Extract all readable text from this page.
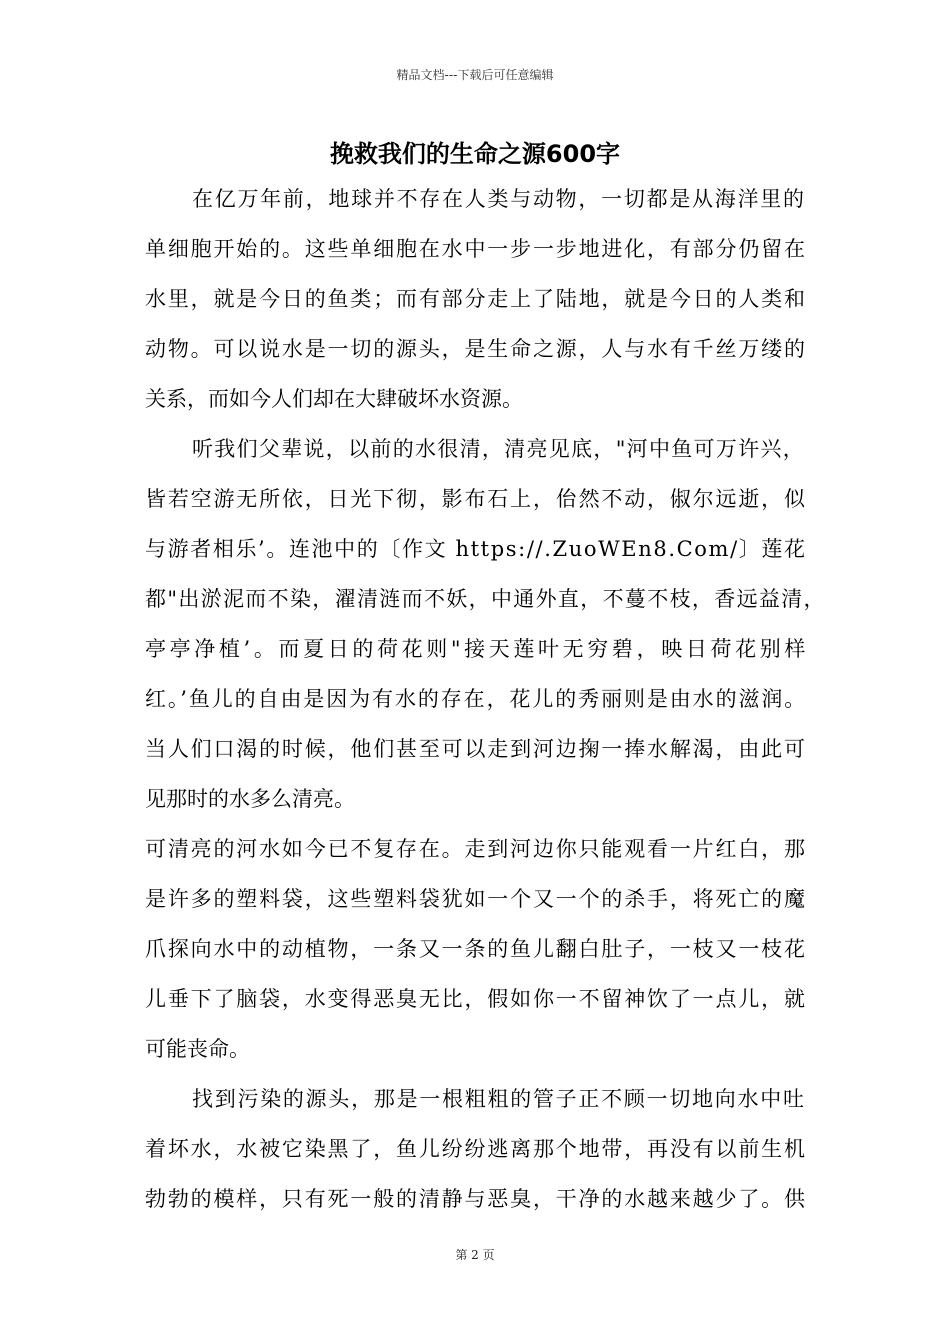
精品文档---下载后可任意编辑
挽救我们的生命之源600字
在亿万年前，地球并不存在人类与动物，一切都是从海洋里的
单细胞开始的。这些单细胞在水中一步一步地进化，有部分仍留在
水里，就是今日的鱼类；而有部分走上了陆地，就是今日的人类和
动物。可以说水是一切的源头，是生命之源，人与水有千丝万缕的
关系，而如今人们却在大肆破坏水资源。
听我们父辈说，以前的水很清，清亮见底，"河中鱼可万许兴，
皆若空游无所依，日光下彻，影布石上，佁然不动，俶尔远逝，似
与游者相乐’。连池中的〔作文 https://.ZuoWEn8.Com/〕莲花
都"出淤泥而不染，濯清涟而不妖，中通外直，不蔓不枝，香远益清，
亭亭净植’。而夏日的荷花则"接天莲叶无穷碧，映日荷花别样
红。’鱼儿的自由是因为有水的存在，花儿的秀丽则是由水的滋润。
当人们口渴的时候，他们甚至可以走到河边掬一捧水解渴，由此可
见那时的水多么清亮。
可清亮的河水如今已不复存在。走到河边你只能观看一片红白，那
是许多的塑料袋，这些塑料袋犹如一个又一个的杀手，将死亡的魔
爪探向水中的动植物，一条又一条的鱼儿翻白肚子，一枝又一枝花
儿垂下了脑袋，水变得恶臭无比，假如你一不留神饮了一点儿，就
可能丧命。
找到污染的源头，那是一根粗粗的管子正不顾一切地向水中吐
着坏水，水被它染黑了，鱼儿纷纷逃离那个地带，再没有以前生机
勃勃的模样，只有死一般的清静与恶臭，干净的水越来越少了。供
第 2 页
